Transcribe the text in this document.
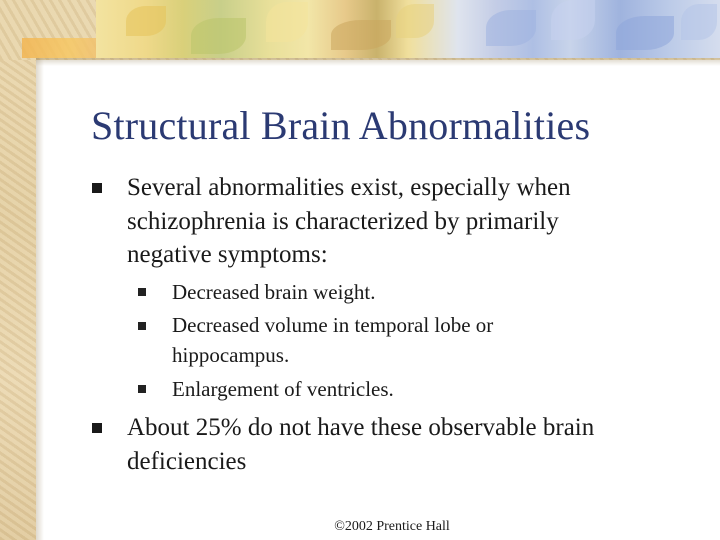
Structural Brain Abnormalities
Several abnormalities exist, especially when schizophrenia is characterized by primarily negative symptoms:
Decreased brain weight.
Decreased volume in temporal lobe or hippocampus.
Enlargement of ventricles.
About 25% do not have these observable brain deficiencies
©2002 Prentice Hall
